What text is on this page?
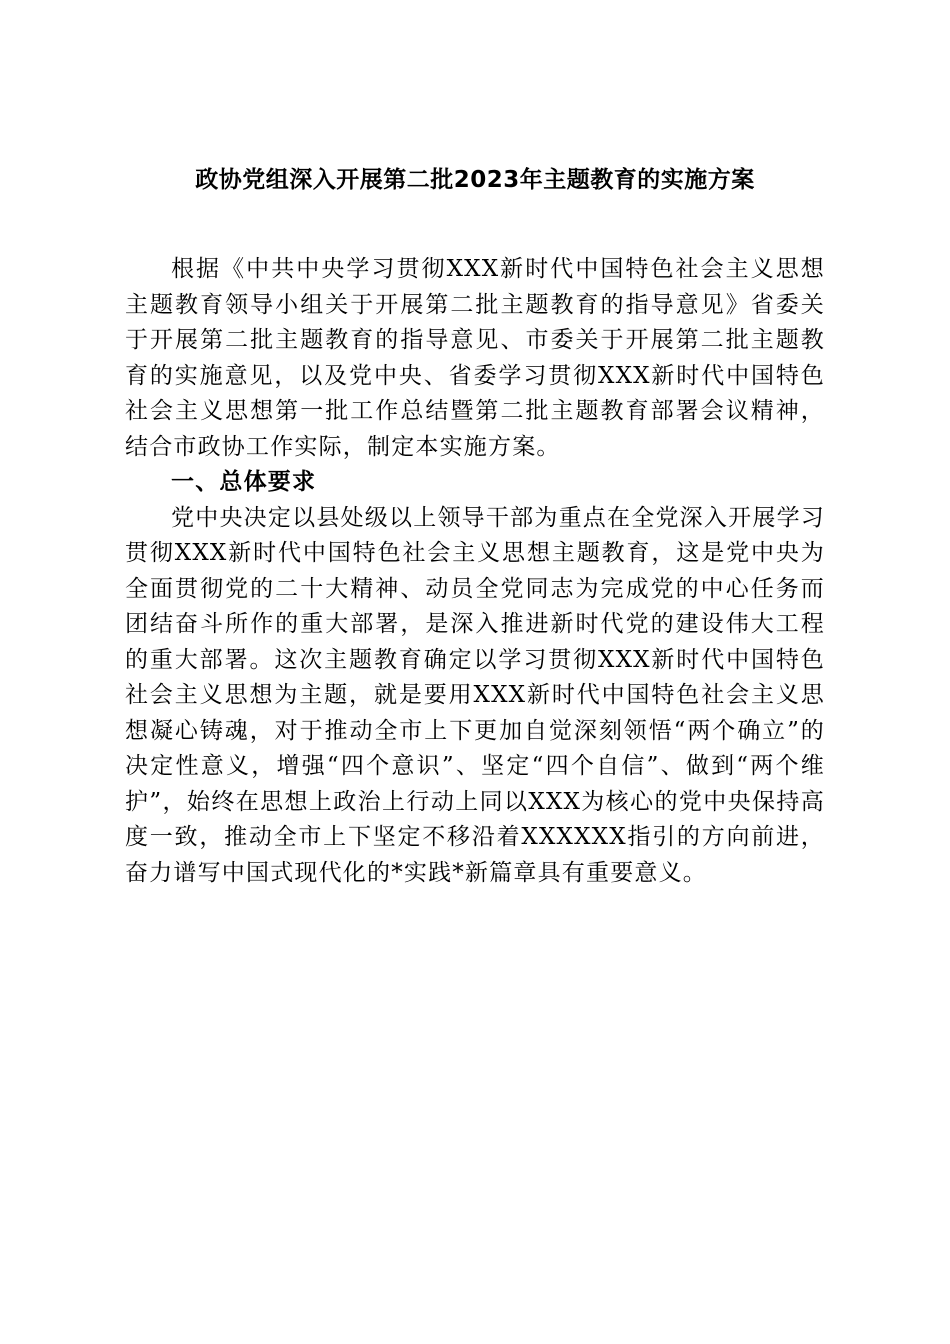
政协党组深入开展第二批2023年主题教育的实施方案

根据《中共中央学习贯彻XXX新时代中国特色社会主义思想主题教育领导小组关于开展第二批主题教育的指导意见》省委关于开展第二批主题教育的指导意见、市委关于开展第二批主题教育的实施意见，以及党中央、省委学习贯彻XXX新时代中国特色社会主义思想第一批工作总结暨第二批主题教育部署会议精神，结合市政协工作实际，制定本实施方案。

一、总体要求

党中央决定以县处级以上领导干部为重点在全党深入开展学习贯彻XXX新时代中国特色社会主义思想主题教育，这是党中央为全面贯彻党的二十大精神、动员全党同志为完成党的中心任务而团结奋斗所作的重大部署，是深入推进新时代党的建设伟大工程的重大部署。这次主题教育确定以学习贯彻XXX新时代中国特色社会主义思想为主题，就是要用XXX新时代中国特色社会主义思想凝心铸魂，对于推动全市上下更加自觉深刻领悟“两个确立”的决定性意义，增强“四个意识”、坚定“四个自信”、做到“两个维护”，始终在思想上政治上行动上同以XXX为核心的党中央保持高度一致，推动全市上下坚定不移沿着XXXXXX指引的方向前进，奋力谱写中国式现代化的*实践*新篇章具有重要意义。
